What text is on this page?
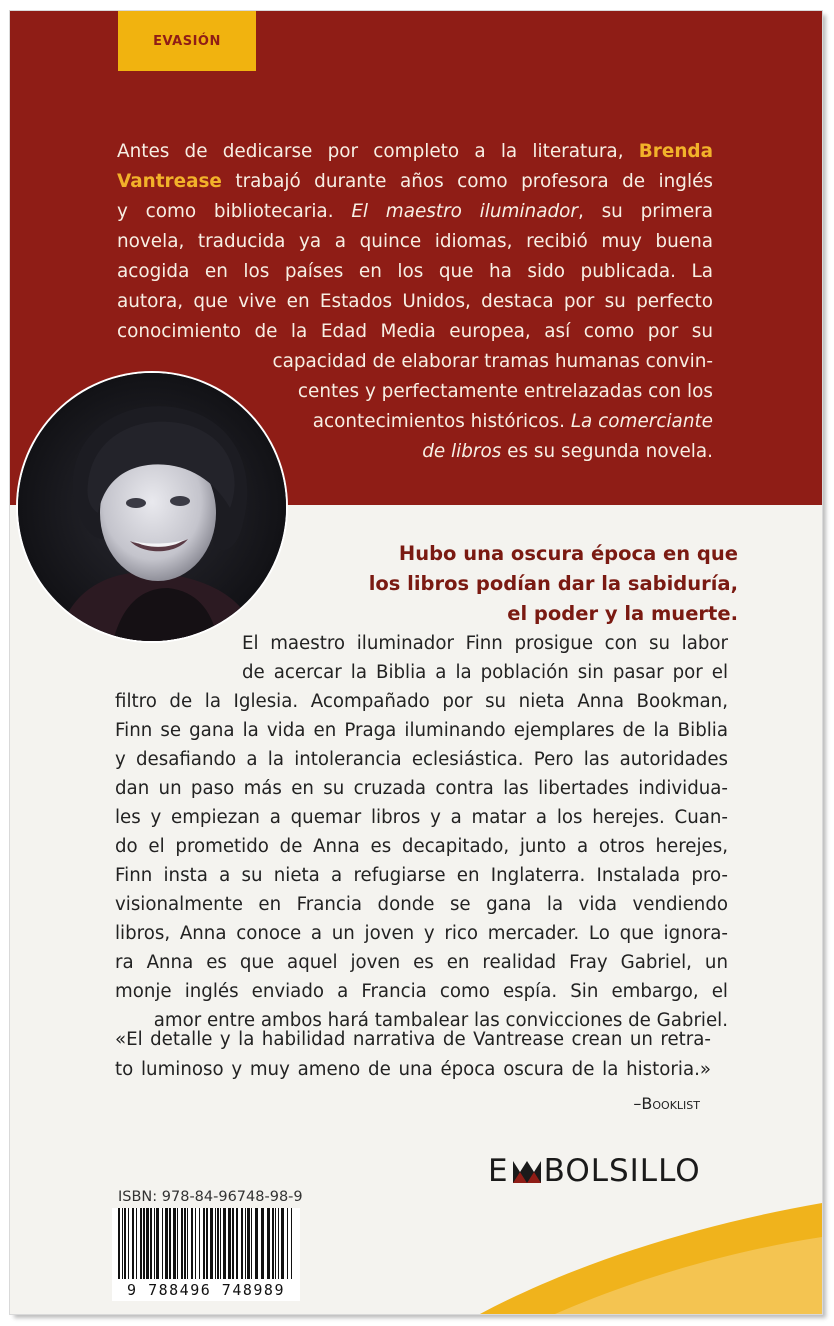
EVASIÓN
Antes de dedicarse por completo a la literatura, Brenda
Vantrease trabajó durante años como profesora de inglés
y como bibliotecaria. El maestro iluminador, su primera
novela, traducida ya a quince idiomas, recibió muy buena
acogida en los países en los que ha sido publicada. La
autora, que vive en Estados Unidos, destaca por su perfecto
conocimiento de la Edad Media europea, así como por su
capacidad de elaborar tramas humanas convin-
centes y perfectamente entrelazadas con los
acontecimientos históricos. La comerciante
de libros es su segunda novela.
Hubo una oscura época en que
los libros podían dar la sabiduría,
el poder y la muerte.
El maestro iluminador Finn prosigue con su labor
de acercar la Biblia a la población sin pasar por el
filtro de la Iglesia. Acompañado por su nieta Anna Bookman,
Finn se gana la vida en Praga iluminando ejemplares de la Biblia
y desafiando a la intolerancia eclesiástica. Pero las autoridades
dan un paso más en su cruzada contra las libertades individua-
les y empiezan a quemar libros y a matar a los herejes. Cuan-
do el prometido de Anna es decapitado, junto a otros herejes,
Finn insta a su nieta a refugiarse en Inglaterra. Instalada pro-
visionalmente en Francia donde se gana la vida vendiendo
libros, Anna conoce a un joven y rico mercader. Lo que ignora-
ra Anna es que aquel joven es en realidad Fray Gabriel, un
monje inglés enviado a Francia como espía. Sin embargo, el
amor entre ambos hará tambalear las convicciones de Gabriel.
«El detalle y la habilidad narrativa de Vantrease crean un retra-
to luminoso y muy ameno de una época oscura de la historia.»
–Booklist
E BOLSILLO
ISBN: 978-84-96748-98-9
9 788496 748989
